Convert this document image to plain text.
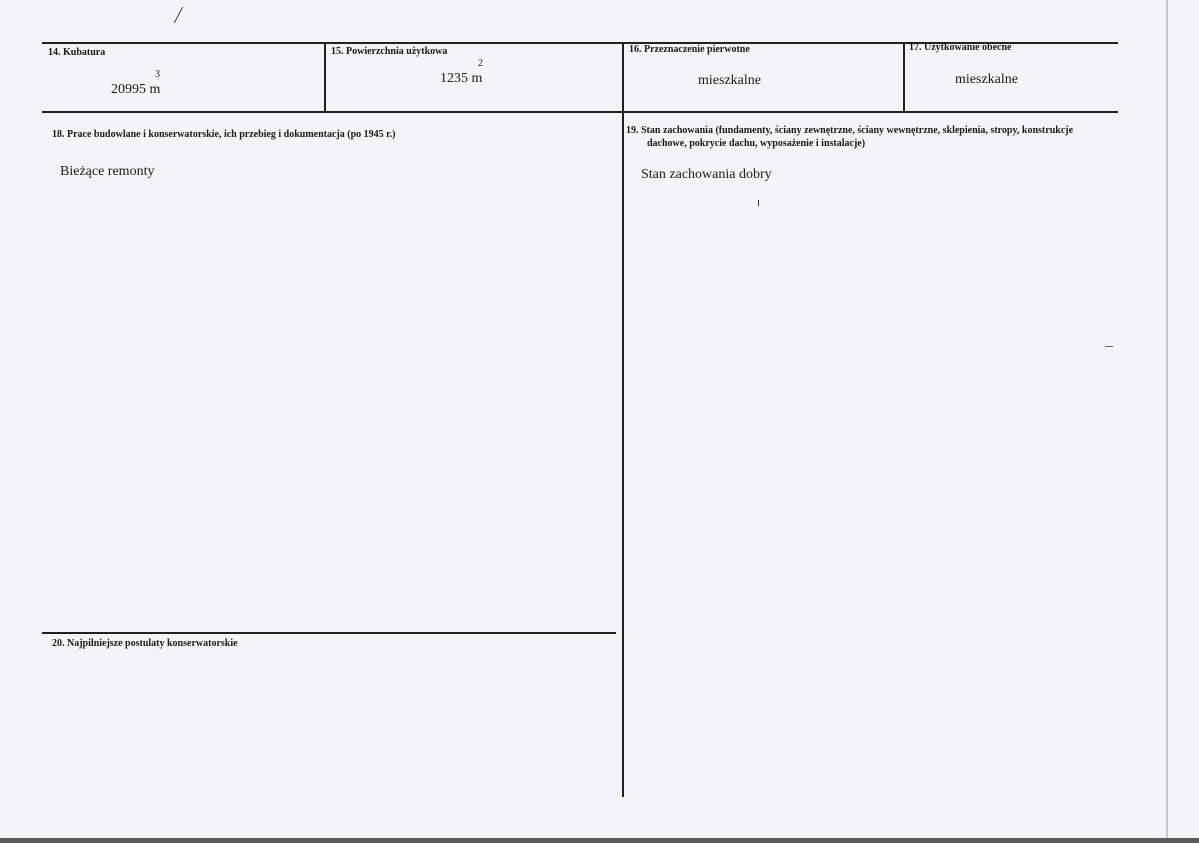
14. Kubatura
3
20995 m
15. Powierzchnia użytkowa
2
1235 m
16. Przeznaczenie pierwotne
mieszkalne
17. Użytkowanie obecne
mieszkalne
18. Prace budowlane i konserwatorskie, ich przebieg i dokumentacja (po 1945 r.)
Bieżące remonty
19. Stan zachowania (fundamenty, ściany zewnętrzne, ściany wewnętrzne, sklepienia, stropy, konstrukcje
dachowe, pokrycie dachu, wyposażenie i instalacje)
Stan zachowania dobry
20. Najpilniejsze postulaty konserwatorskie
